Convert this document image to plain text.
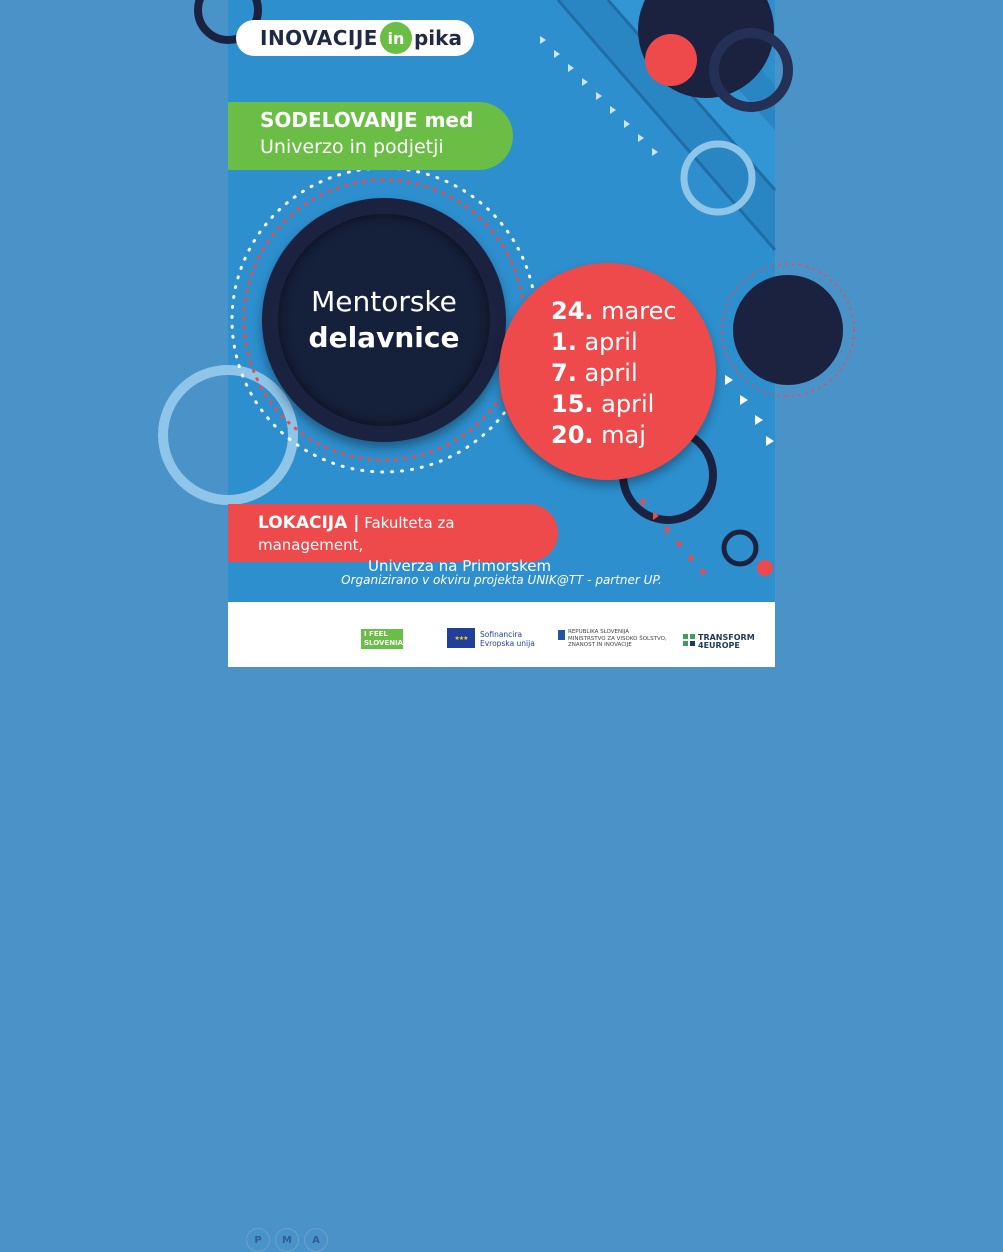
INOVACIJE in pika
SODELOVANJE med
Univerzo in podjetji
Mentorske
delavnice
24. marec
1. april
7. april
15. april
20. maj
LOKACIJA | Fakulteta za management,
Univerza na Primorskem
Organizirano v okviru projekta UNIK@TT - partner UP.
P	M	A
I FEEL SLOVENIA
★★★	Sofinancira
Evropska unija
REPUBLIKA SLOVENIJA
MINISTRSTVO ZA VISOKO ŠOLSTVO,
ZNANOST IN INOVACIJE
TRANSFORM
4EUROPE
